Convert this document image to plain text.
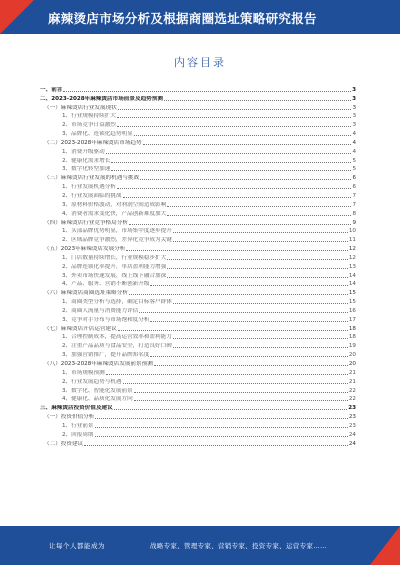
麻辣烫店市场分析及根据商圈选址策略研究报告
内容目录
一、前言	3
二、2023-2028年麻辣烫店市场前景及趋势预测	3
（一）麻辣烫店行业发展现状	3
1、行业规模持续扩大	3
2、市场竞争日益激烈	3
3、品牌化、连锁化趋势明显	4
（二）2023-2028年麻辣烫店市场趋势	4
1、消费升级驱动	4
2、健康化需求增长	5
3、数字化转型加速	5
（三）麻辣烫店行业发展的机遇与挑战	6
1、行业发展机遇分析	6
2、行业发展面临的挑战	7
3、原材料价格波动，对利润空间造成影响	7
4、消费者需求变化快，产品创新难度加大	8
（四）麻辣烫店行业竞争格局分析	9
1、头部品牌优势明显，市场集中度逐步提升	10
2、区域品牌竞争激烈，差异化竞争成为关键	11
（五）2023年麻辣烫店发展分析	12
1、门店数量持续增长，行业规模稳步扩大	12
2、品牌连锁化率提升，单店盈利能力增强	13
3、外卖市场快速发展，线上线下融合加深	14
4、产品、服务、营销不断创新升级	14
（六）麻辣烫店商圈选址策略分析	15
1、商圈类型分析与选择，确定目标客户群体	15
2、商圈人流量与消费能力评估	16
3、竞争对手分布与市场饱和度分析	17
（七）麻辣烫店开店运营建议	18
1、合理控制成本，提高运营效率和盈利能力	18
2、注重产品品质与食品安全，打造良好口碑	19
3、加强营销推广，提升品牌知名度	20
（八）2023-2028年麻辣烫店发展前景预测	20
1、市场规模预测	21
2、行业发展趋势与机遇	21
3、数字化、智能化发展前景	22
4、健康化、品质化发展方向	22
三、麻辣烫店投资价值及建议	23
（一）投资价值分析	23
1、行业前景	23
2、回报周期	24
（二）投资建议	24
让每个人都能成为	战略专家、管理专家、营销专家、投资专家、运营专家……
